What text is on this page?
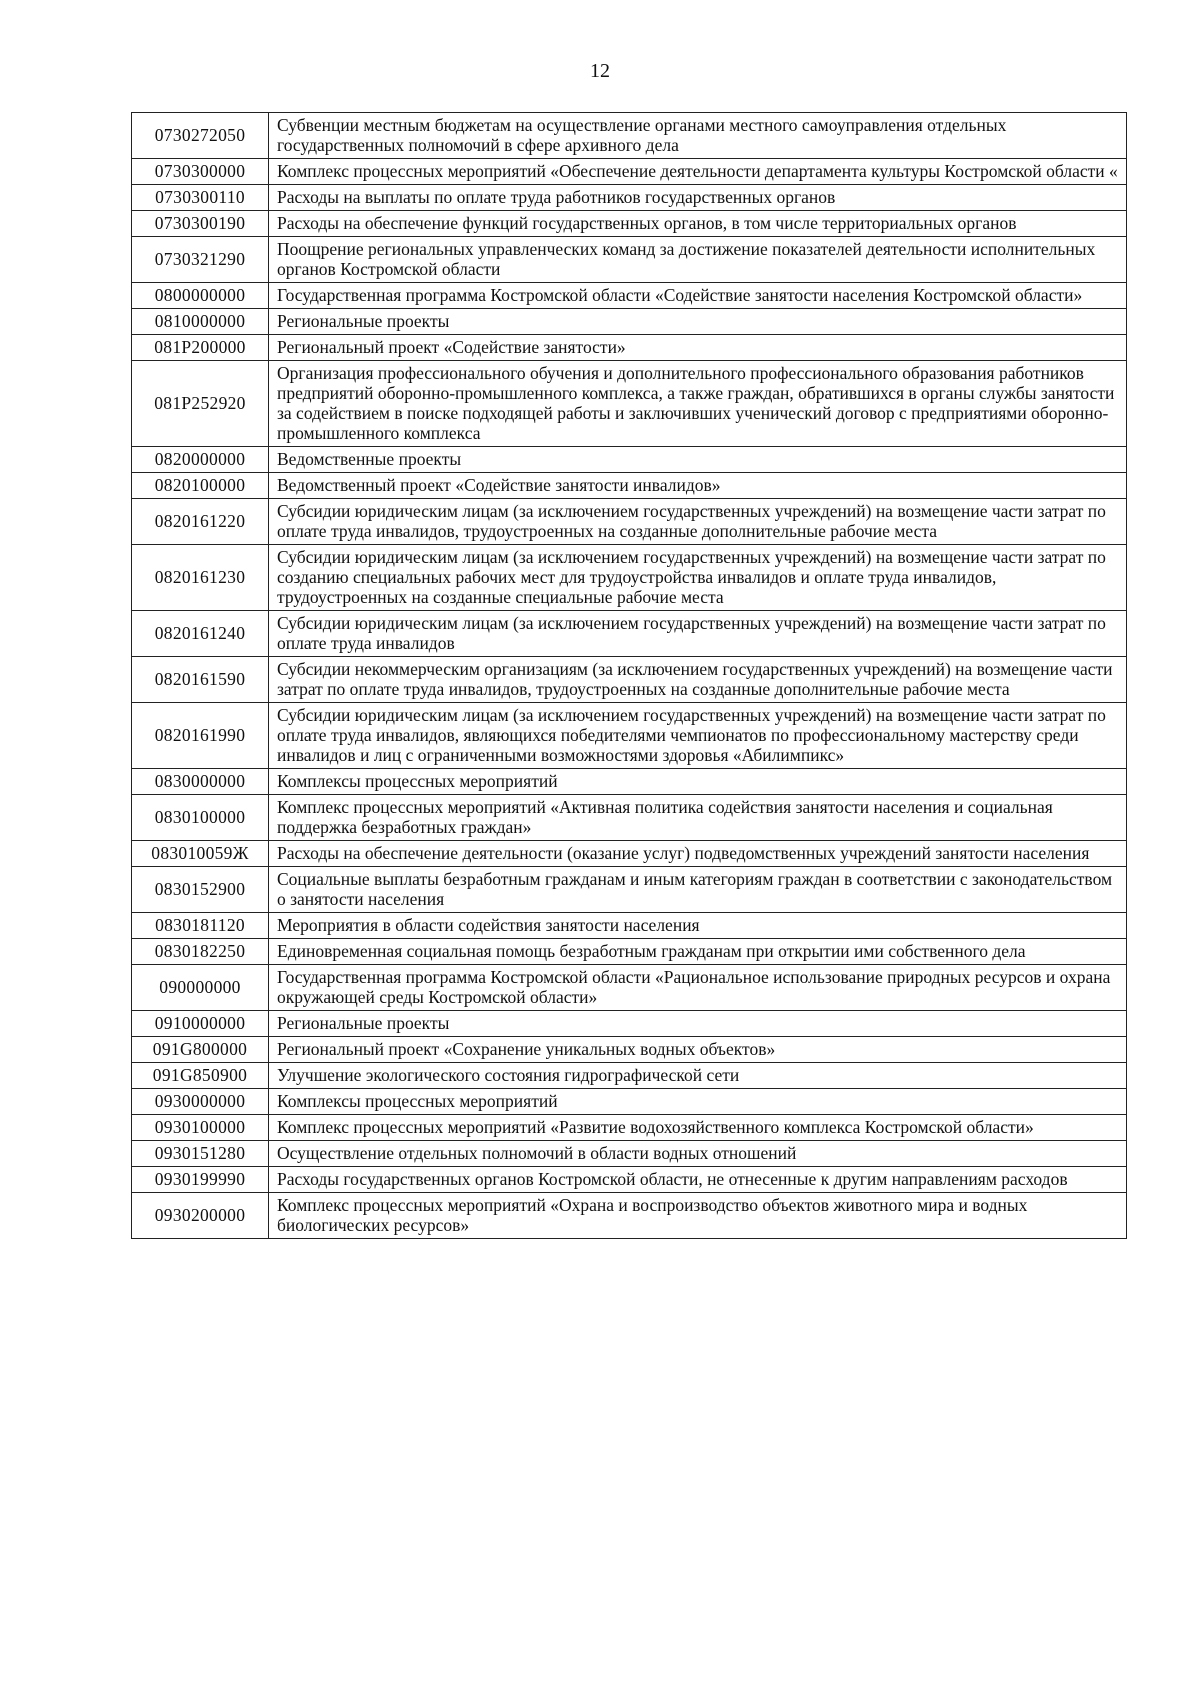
12
0730272050	Субвенции местным бюджетам на осуществление органами местного самоуправления отдельных государственных полномочий в сфере архивного дела
0730300000	Комплекс процессных мероприятий «Обеспечение деятельности департамента культуры Костромской области «
0730300110	Расходы на выплаты по оплате труда работников государственных органов
0730300190	Расходы на обеспечение функций государственных органов, в том числе территориальных органов
0730321290	Поощрение региональных управленческих команд за достижение показателей деятельности исполнительных органов Костромской области
0800000000	Государственная программа Костромской области «Содействие занятости населения Костромской области»
0810000000	Региональные проекты
081P200000	Региональный проект «Содействие занятости»
081P252920	Организация профессионального обучения и дополнительного профессионального образования работников предприятий оборонно-промышленного комплекса, а также граждан, обратившихся в органы службы занятости за содействием в поиске подходящей работы и заключивших ученический договор с предприятиями оборонно-промышленного комплекса
0820000000	Ведомственные проекты
0820100000	Ведомственный проект «Содействие занятости инвалидов»
0820161220	Субсидии юридическим лицам (за исключением государственных учреждений) на возмещение части затрат по оплате труда инвалидов, трудоустроенных на созданные дополнительные рабочие места
0820161230	Субсидии юридическим лицам (за исключением государственных учреждений) на возмещение части затрат по созданию специальных рабочих мест для трудоустройства инвалидов и оплате труда инвалидов, трудоустроенных на созданные специальные рабочие места
0820161240	Субсидии юридическим лицам (за исключением государственных учреждений) на возмещение части затрат по оплате труда инвалидов
0820161590	Субсидии некоммерческим организациям (за исключением государственных учреждений) на возмещение части затрат по оплате труда инвалидов, трудоустроенных на созданные дополнительные рабочие места
0820161990	Субсидии юридическим лицам (за исключением государственных учреждений) на возмещение части затрат по оплате труда инвалидов, являющихся победителями чемпионатов по профессиональному мастерству среди инвалидов и лиц с ограниченными возможностями здоровья «Абилимпикс»
0830000000	Комплексы процессных мероприятий
0830100000	Комплекс процессных мероприятий «Активная политика содействия занятости населения и социальная поддержка безработных граждан»
083010059Ж	Расходы на обеспечение деятельности (оказание услуг) подведомственных учреждений занятости населения
0830152900	Социальные выплаты безработным гражданам и иным категориям граждан в соответствии с законодательством о занятости населения
0830181120	Мероприятия в области содействия занятости населения
0830182250	Единовременная социальная помощь безработным гражданам при открытии ими собственного дела
090000000	Государственная программа Костромской области «Рациональное использование природных ресурсов и охрана окружающей среды Костромской области»
0910000000	Региональные проекты
091G800000	Региональный проект «Сохранение уникальных водных объектов»
091G850900	Улучшение экологического состояния гидрографической сети
0930000000	Комплексы процессных мероприятий
0930100000	Комплекс процессных мероприятий «Развитие водохозяйственного комплекса Костромской области»
0930151280	Осуществление отдельных полномочий в области водных отношений
0930199990	Расходы государственных органов Костромской области, не отнесенные к другим направлениям расходов
0930200000	Комплекс процессных мероприятий «Охрана и воспроизводство объектов животного мира и водных биологических ресурсов»
